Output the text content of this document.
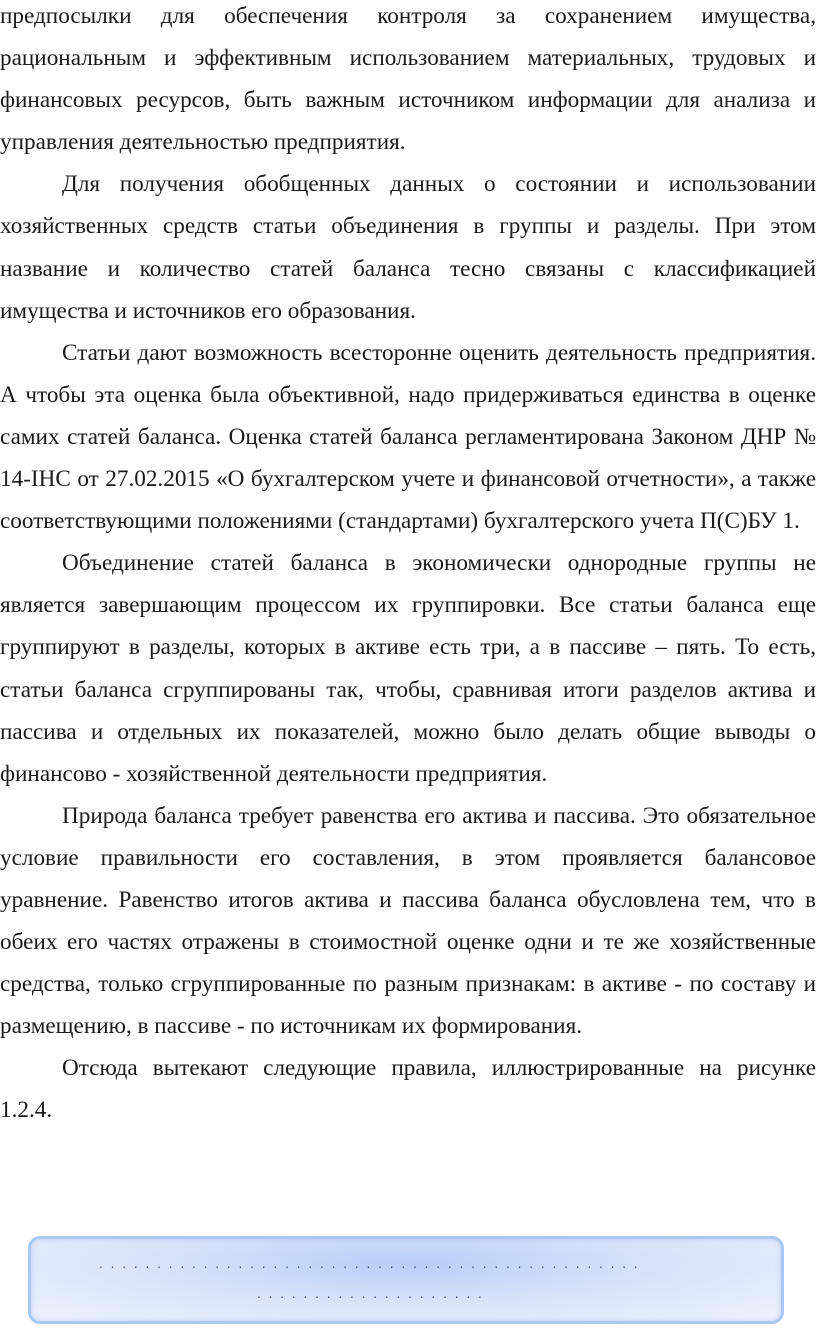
предпосылки для обеспечения контроля за сохранением имущества, рациональным и эффективным использованием материальных, трудовых и финансовых ресурсов, быть важным источником информации для анализа и управления деятельностью предприятия.

Для получения обобщенных данных о состоянии и использовании хозяйственных средств статьи объединения в группы и разделы. При этом название и количество статей баланса тесно связаны с классификацией имущества и источников его образования.

Статьи дают возможность всесторонне оценить деятельность предприятия. А чтобы эта оценка была объективной, надо придерживаться единства в оценке самих статей баланса. Оценка статей баланса регламентирована Законом ДНР № 14-IНС от 27.02.2015 «О бухгалтерском учете и финансовой отчетности», а также соответствующими положениями (стандартами) бухгалтерского учета П(С)БУ 1.

Объединение статей баланса в экономически однородные группы не является завершающим процессом их группировки. Все статьи баланса еще группируют в разделы, которых в активе есть три, а в пассиве – пять. То есть, статьи баланса сгруппированы так, чтобы, сравнивая итоги разделов актива и пассива и отдельных их показателей, можно было делать общие выводы о финансово - хозяйственной деятельности предприятия.

Природа баланса требует равенства его актива и пассива. Это обязательное условие правильности его составления, в этом проявляется балансовое уравнение. Равенство итогов актива и пассива баланса обусловлена тем, что в обеих его частях отражены в стоимостной оценке одни и те же хозяйственные средства, только сгруппированные по разным признакам: в активе - по составу и размещению, в пассиве - по источникам их формирования.

Отсюда вытекают следующие правила, иллюстрированные на рисунке 1.2.4.

. . . . . . . . . . . . . . . . . . . . . . . . . . . . . . . . . . . . . . . . . . . . . . .
. . . . . . . . . . . . . . . . . . . .
